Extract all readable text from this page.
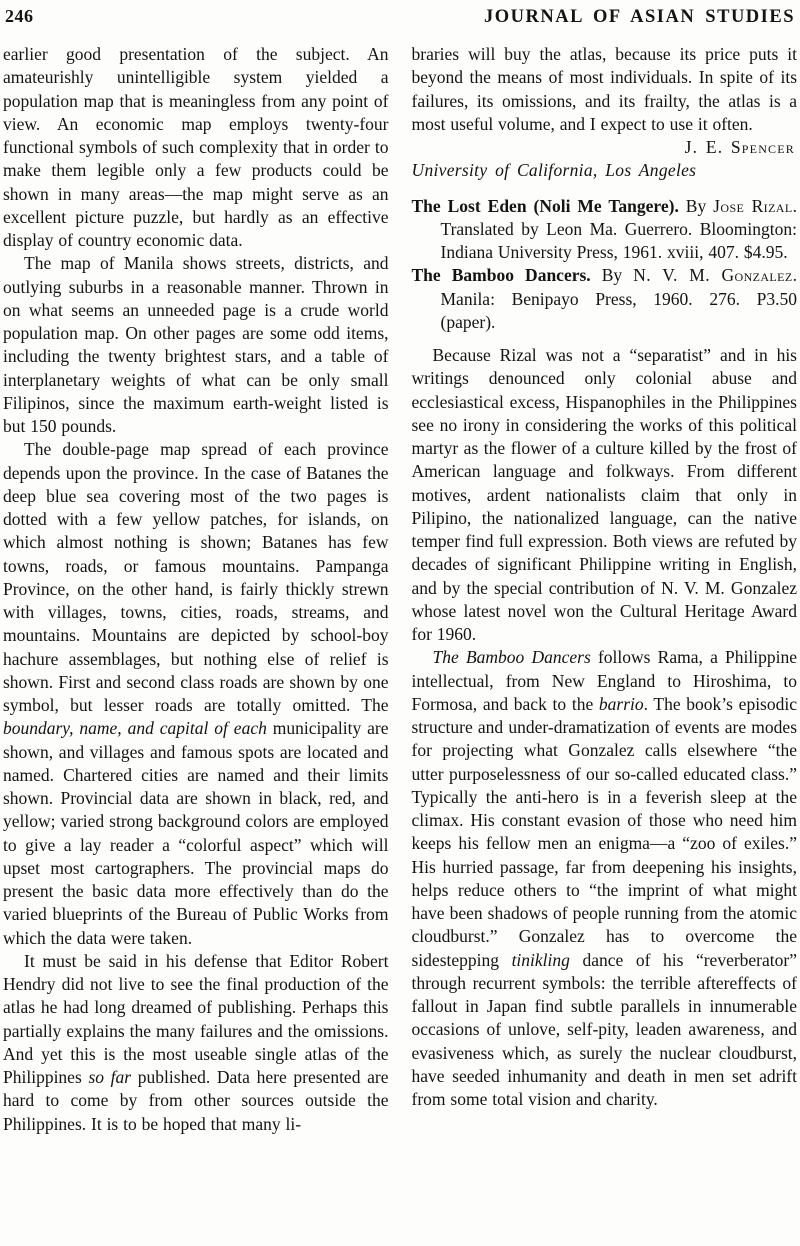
246	JOURNAL OF ASIAN STUDIES

earlier good presentation of the subject. An amateurishly unintelligible system yielded a population map that is meaningless from any point of view. An economic map employs twenty-four functional symbols of such complexity that in order to make them legible only a few products could be shown in many areas—the map might serve as an excellent picture puzzle, but hardly as an effective display of country economic data.

The map of Manila shows streets, districts, and outlying suburbs in a reasonable manner. Thrown in on what seems an unneeded page is a crude world population map. On other pages are some odd items, including the twenty brightest stars, and a table of interplanetary weights of what can be only small Filipinos, since the maximum earth-weight listed is but 150 pounds.

The double-page map spread of each province depends upon the province. In the case of Batanes the deep blue sea covering most of the two pages is dotted with a few yellow patches, for islands, on which almost nothing is shown; Batanes has few towns, roads, or famous mountains. Pampanga Province, on the other hand, is fairly thickly strewn with villages, towns, cities, roads, streams, and mountains. Mountains are depicted by school-boy hachure assemblages, but nothing else of relief is shown. First and second class roads are shown by one symbol, but lesser roads are totally omitted. The boundary, name, and capital of each municipality are shown, and villages and famous spots are located and named. Chartered cities are named and their limits shown. Provincial data are shown in black, red, and yellow; varied strong background colors are employed to give a lay reader a “colorful aspect” which will upset most cartographers. The provincial maps do present the basic data more effectively than do the varied blueprints of the Bureau of Public Works from which the data were taken.

It must be said in his defense that Editor Robert Hendry did not live to see the final production of the atlas he had long dreamed of publishing. Perhaps this partially explains the many failures and the omissions. And yet this is the most useable single atlas of the Philippines so far published. Data here presented are hard to come by from other sources outside the Philippines. It is to be hoped that many li-

braries will buy the atlas, because its price puts it beyond the means of most individuals. In spite of its failures, its omissions, and its frailty, the atlas is a most useful volume, and I expect to use it often.

J. E. Spencer
University of California, Los Angeles

The Lost Eden (Noli Me Tangere). By Jose Rizal. Translated by Leon Ma. Guerrero. Bloomington: Indiana University Press, 1961. xviii, 407. $4.95.

The Bamboo Dancers. By N. V. M. Gonzalez. Manila: Benipayo Press, 1960. 276. P3.50 (paper).

Because Rizal was not a “separatist” and in his writings denounced only colonial abuse and ecclesiastical excess, Hispanophiles in the Philippines see no irony in considering the works of this political martyr as the flower of a culture killed by the frost of American language and folkways. From different motives, ardent nationalists claim that only in Pilipino, the nationalized language, can the native temper find full expression. Both views are refuted by decades of significant Philippine writing in English, and by the special contribution of N. V. M. Gonzalez whose latest novel won the Cultural Heritage Award for 1960.

The Bamboo Dancers follows Rama, a Philippine intellectual, from New England to Hiroshima, to Formosa, and back to the barrio. The book’s episodic structure and under-dramatization of events are modes for projecting what Gonzalez calls elsewhere “the utter purposelessness of our so-called educated class.” Typically the anti-hero is in a feverish sleep at the climax. His constant evasion of those who need him keeps his fellow men an enigma—a “zoo of exiles.” His hurried passage, far from deepening his insights, helps reduce others to “the imprint of what might have been shadows of people running from the atomic cloudburst.” Gonzalez has to overcome the sidestepping tinikling dance of his “reverberator” through recurrent symbols: the terrible aftereffects of fallout in Japan find subtle parallels in innumerable occasions of unlove, self-pity, leaden awareness, and evasiveness which, as surely the nuclear cloudburst, have seeded inhumanity and death in men set adrift from some total vision and charity.
